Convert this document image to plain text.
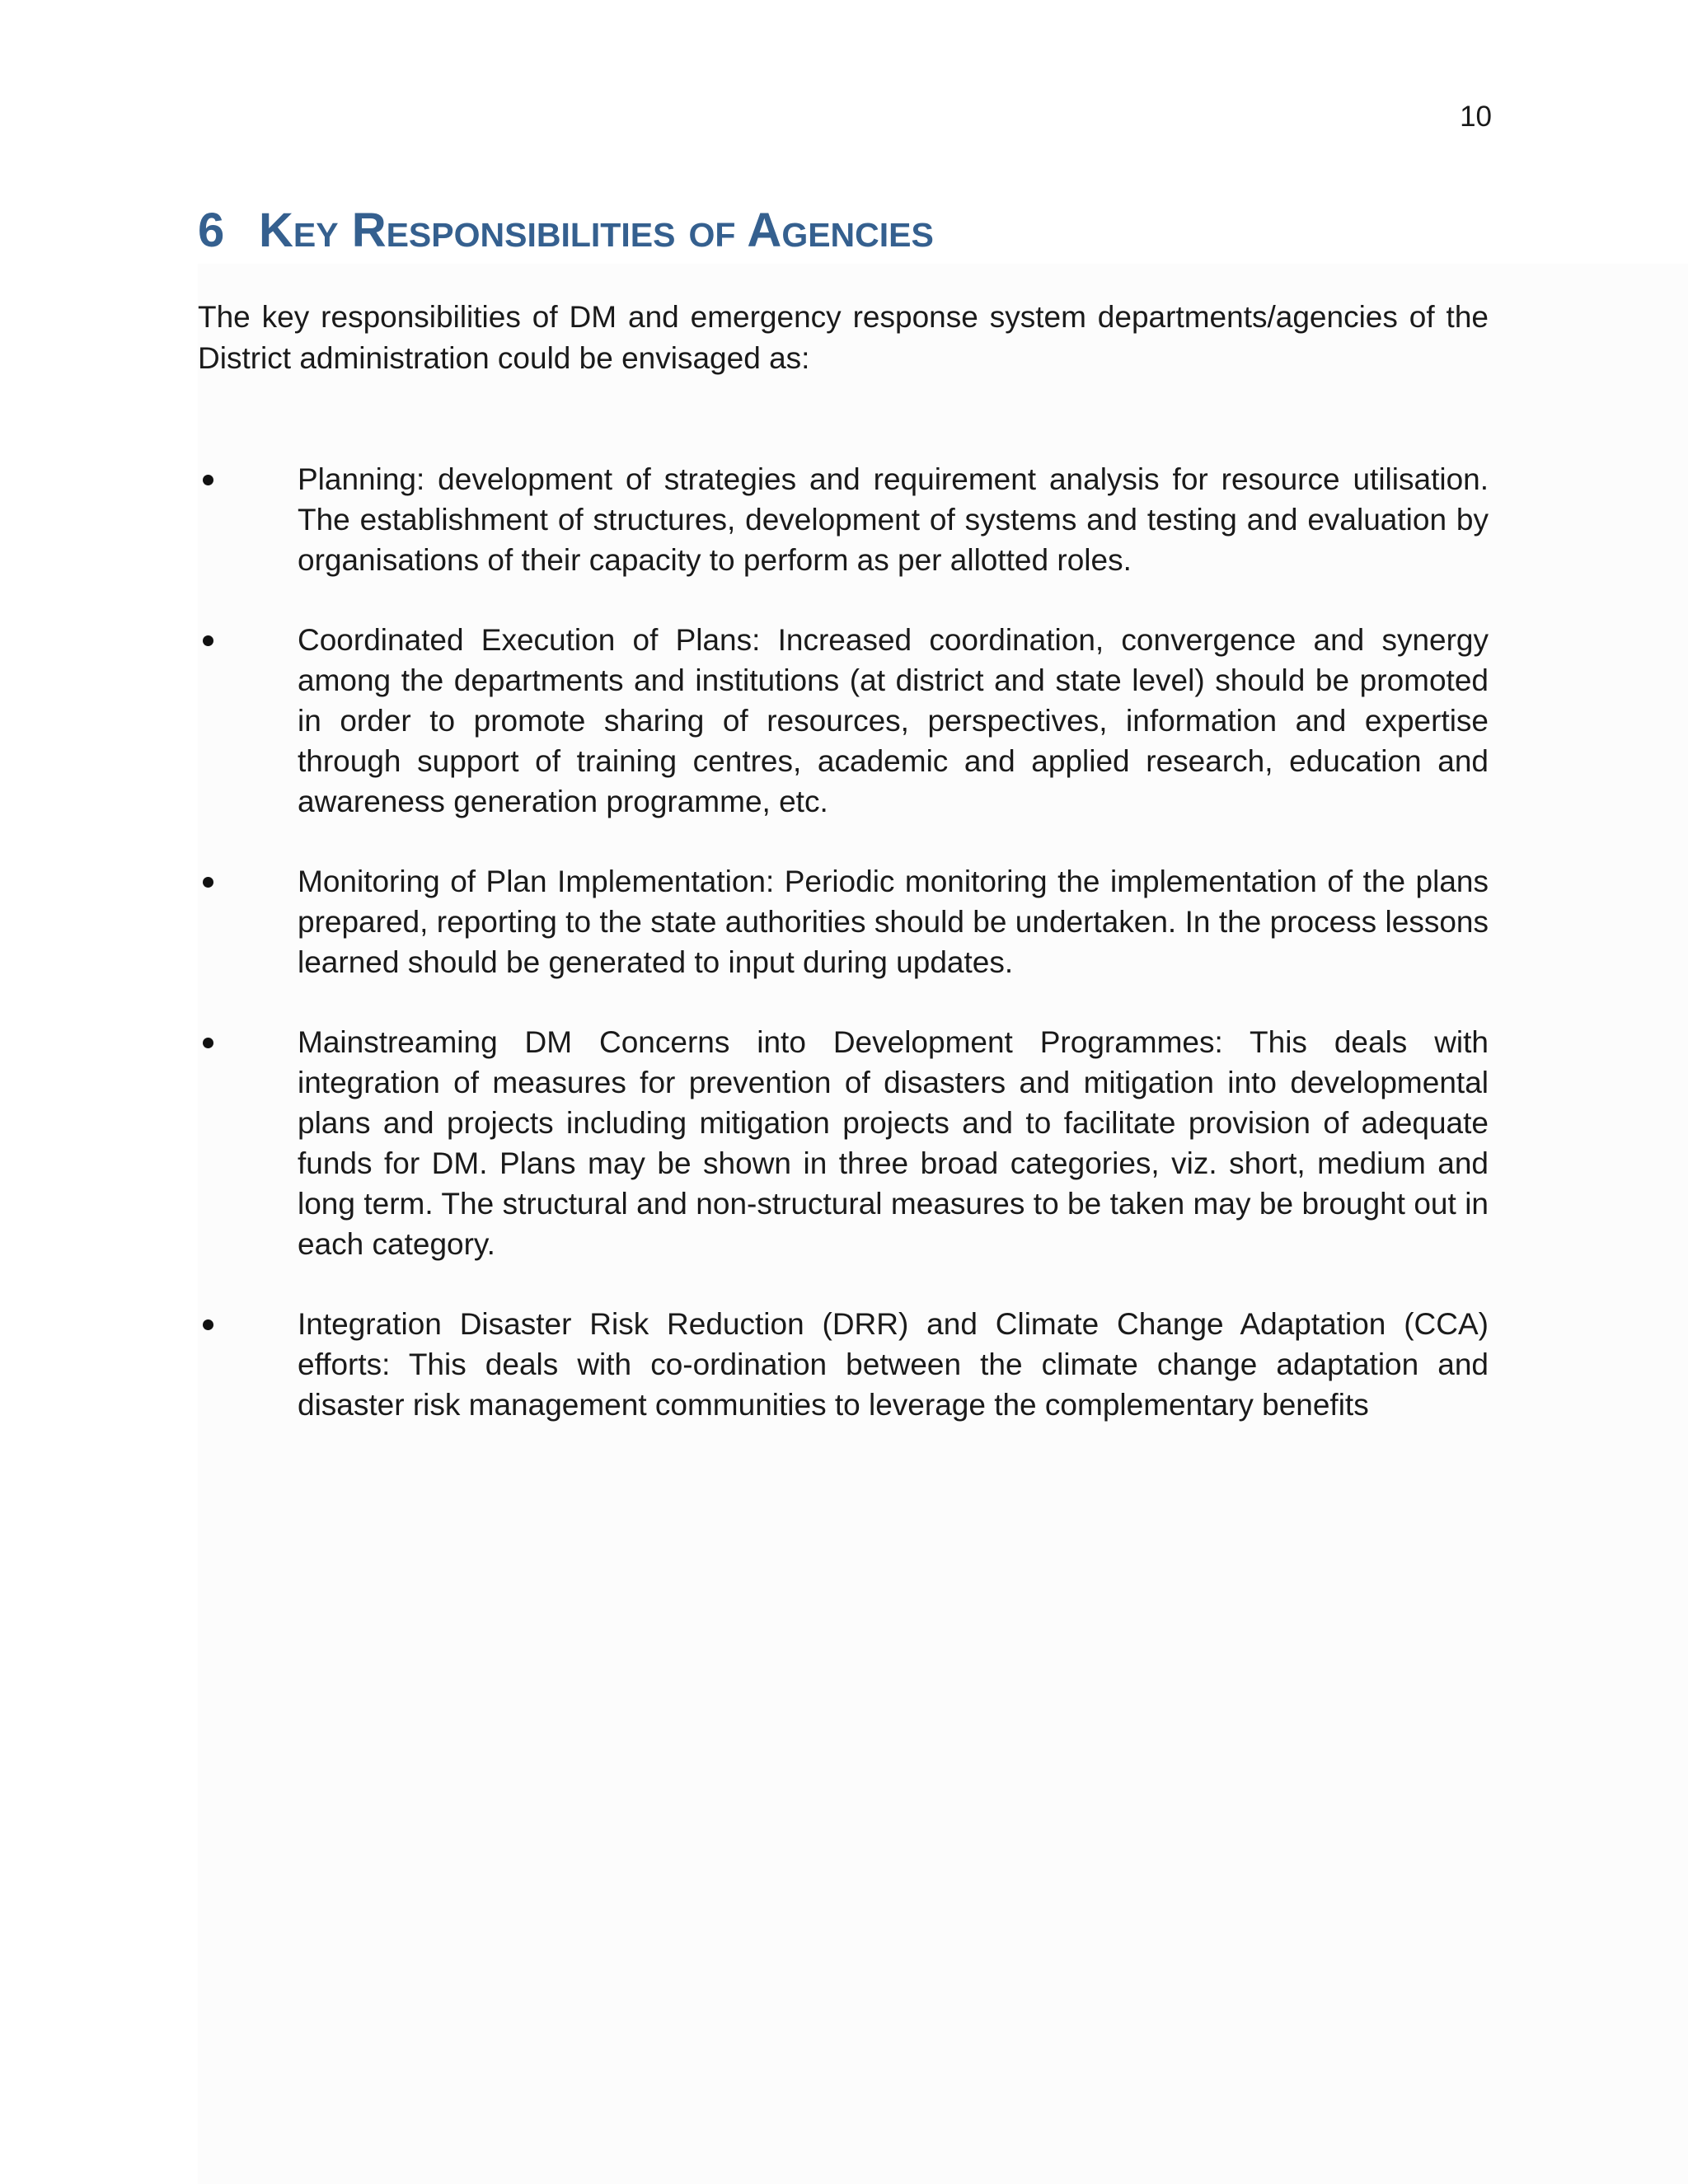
10
6 Key Responsibilities of Agencies

The key responsibilities of DM and emergency response system departments/agencies of the District administration could be envisaged as:

Planning: development of strategies and requirement analysis for resource utilisation. The establishment of structures, development of systems and testing and evaluation by organisations of their capacity to perform as per allotted roles.
Coordinated Execution of Plans: Increased coordination, convergence and synergy among the departments and institutions (at district and state level) should be promoted in order to promote sharing of resources, perspectives, information and expertise through support of training centres, academic and applied research, education and awareness generation programme, etc.
Monitoring of Plan Implementation: Periodic monitoring the implementation of the plans prepared, reporting to the state authorities should be undertaken. In the process lessons learned should be generated to input during updates.
Mainstreaming DM Concerns into Development Programmes: This deals with integration of measures for prevention of disasters and mitigation into developmental plans and projects including mitigation projects and to facilitate provision of adequate funds for DM. Plans may be shown in three broad categories, viz. short, medium and long term. The structural and non-structural measures to be taken may be brought out in each category.
Integration Disaster Risk Reduction (DRR) and Climate Change Adaptation (CCA) efforts: This deals with co-ordination between the climate change adaptation and disaster risk management communities to leverage the complementary benefits
